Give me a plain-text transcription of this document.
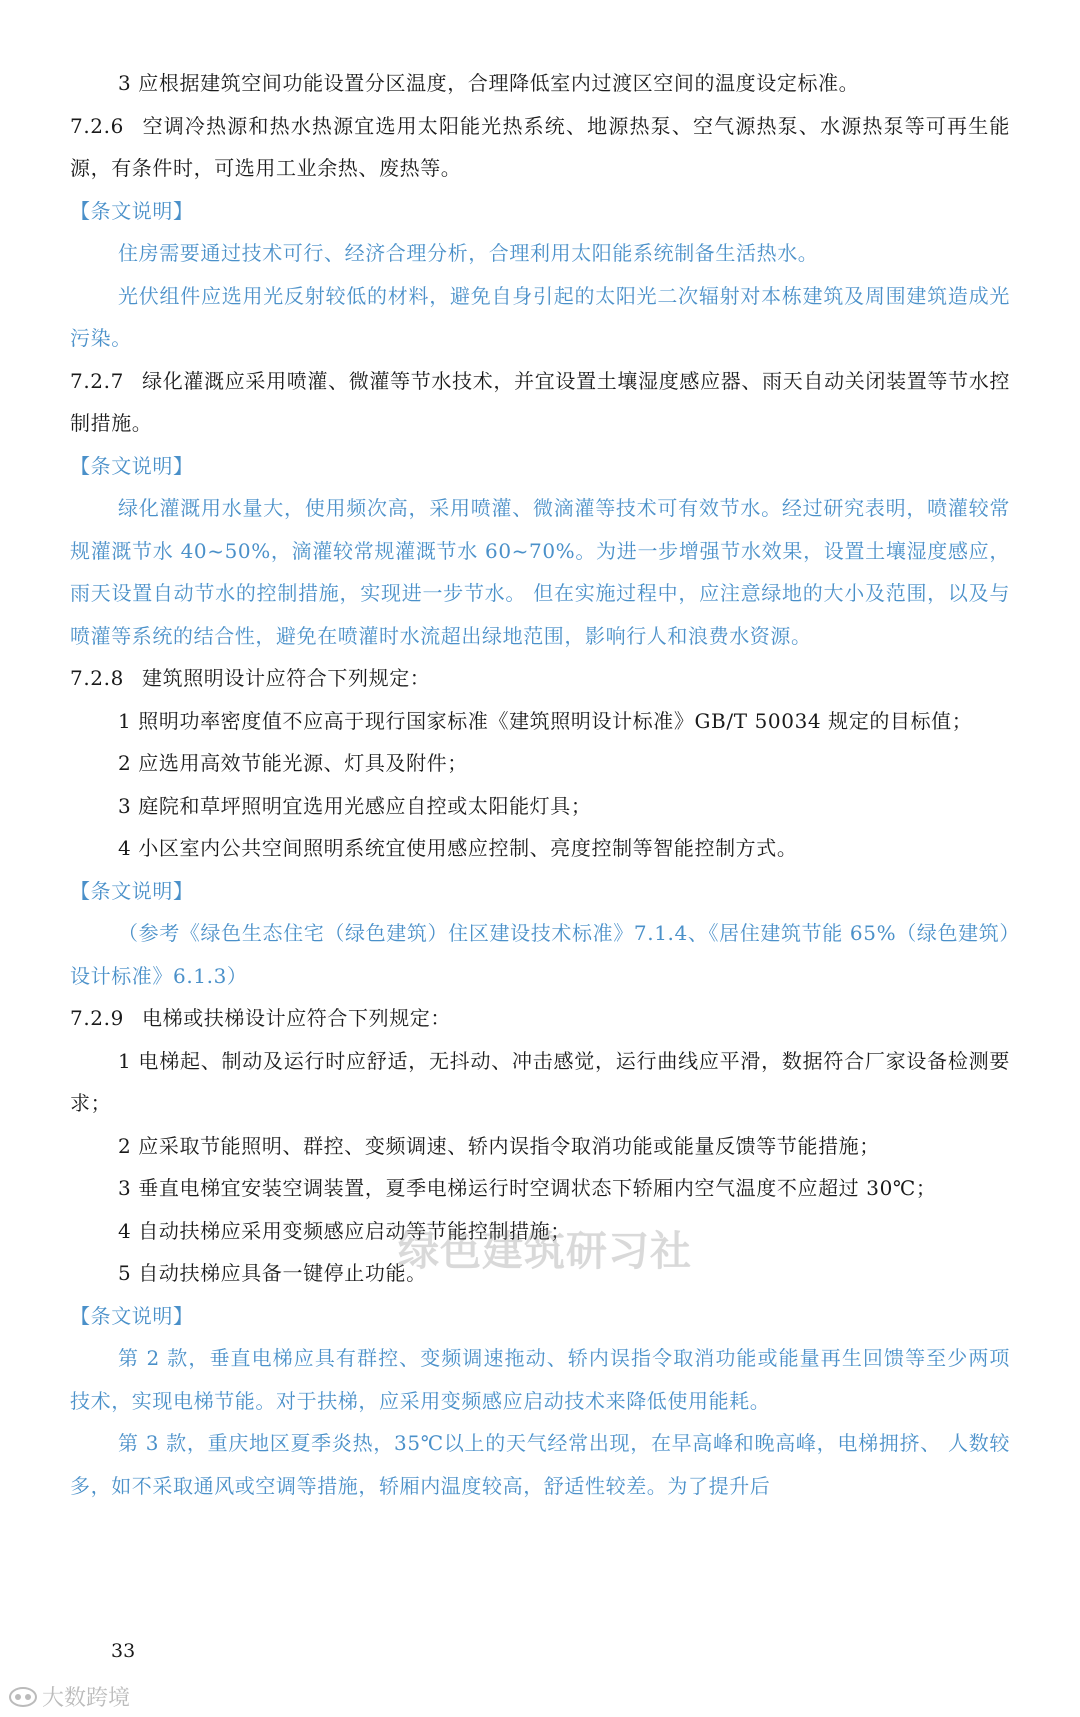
3 应根据建筑空间功能设置分区温度，合理降低室内过渡区空间的温度设定标准。
7.2.6 空调冷热源和热水热源宜选用太阳能光热系统、地源热泵、空气源热泵、水源热泵等可再生能源，有条件时，可选用工业余热、废热等。
【条文说明】
住房需要通过技术可行、经济合理分析，合理利用太阳能系统制备生活热水。
光伏组件应选用光反射较低的材料，避免自身引起的太阳光二次辐射对本栋建筑及周围建筑造成光污染。
7.2.7 绿化灌溉应采用喷灌、微灌等节水技术，并宜设置土壤湿度感应器、雨天自动关闭装置等节水控制措施。
【条文说明】
绿化灌溉用水量大，使用频次高，采用喷灌、微滴灌等技术可有效节水。经过研究表明，喷灌较常规灌溉节水 40~50%，滴灌较常规灌溉节水 60~70%。为进一步增强节水效果，设置土壤湿度感应，雨天设置自动节水的控制措施，实现进一步节水。 但在实施过程中，应注意绿地的大小及范围，以及与喷灌等系统的结合性，避免在喷灌时水流超出绿地范围，影响行人和浪费水资源。
7.2.8 建筑照明设计应符合下列规定：
1 照明功率密度值不应高于现行国家标准《建筑照明设计标准》GB/T 50034 规定的目标值；
2 应选用高效节能光源、灯具及附件；
3 庭院和草坪照明宜选用光感应自控或太阳能灯具；
4 小区室内公共空间照明系统宜使用感应控制、亮度控制等智能控制方式。
【条文说明】
（参考《绿色生态住宅（绿色建筑）住区建设技术标准》7.1.4、《居住建筑节能 65%（绿色建筑）设计标准》6.1.3）
7.2.9 电梯或扶梯设计应符合下列规定：
1 电梯起、制动及运行时应舒适，无抖动、冲击感觉，运行曲线应平滑，数据符合厂家设备检测要求；
2 应采取节能照明、群控、变频调速、轿内误指令取消功能或能量反馈等节能措施；
3 垂直电梯宜安装空调装置，夏季电梯运行时空调状态下轿厢内空气温度不应超过 30℃；
4 自动扶梯应采用变频感应启动等节能控制措施；
5 自动扶梯应具备一键停止功能。
【条文说明】
第 2 款，垂直电梯应具有群控、变频调速拖动、轿内误指令取消功能或能量再生回馈等至少两项技术，实现电梯节能。对于扶梯，应采用变频感应启动技术来降低使用能耗。
第 3 款，重庆地区夏季炎热，35℃以上的天气经常出现，在早高峰和晚高峰，电梯拥挤、 人数较多，如不采取通风或空调等措施，轿厢内温度较高，舒适性较差。为了提升后
绿色建筑研习社
33
大数跨境
